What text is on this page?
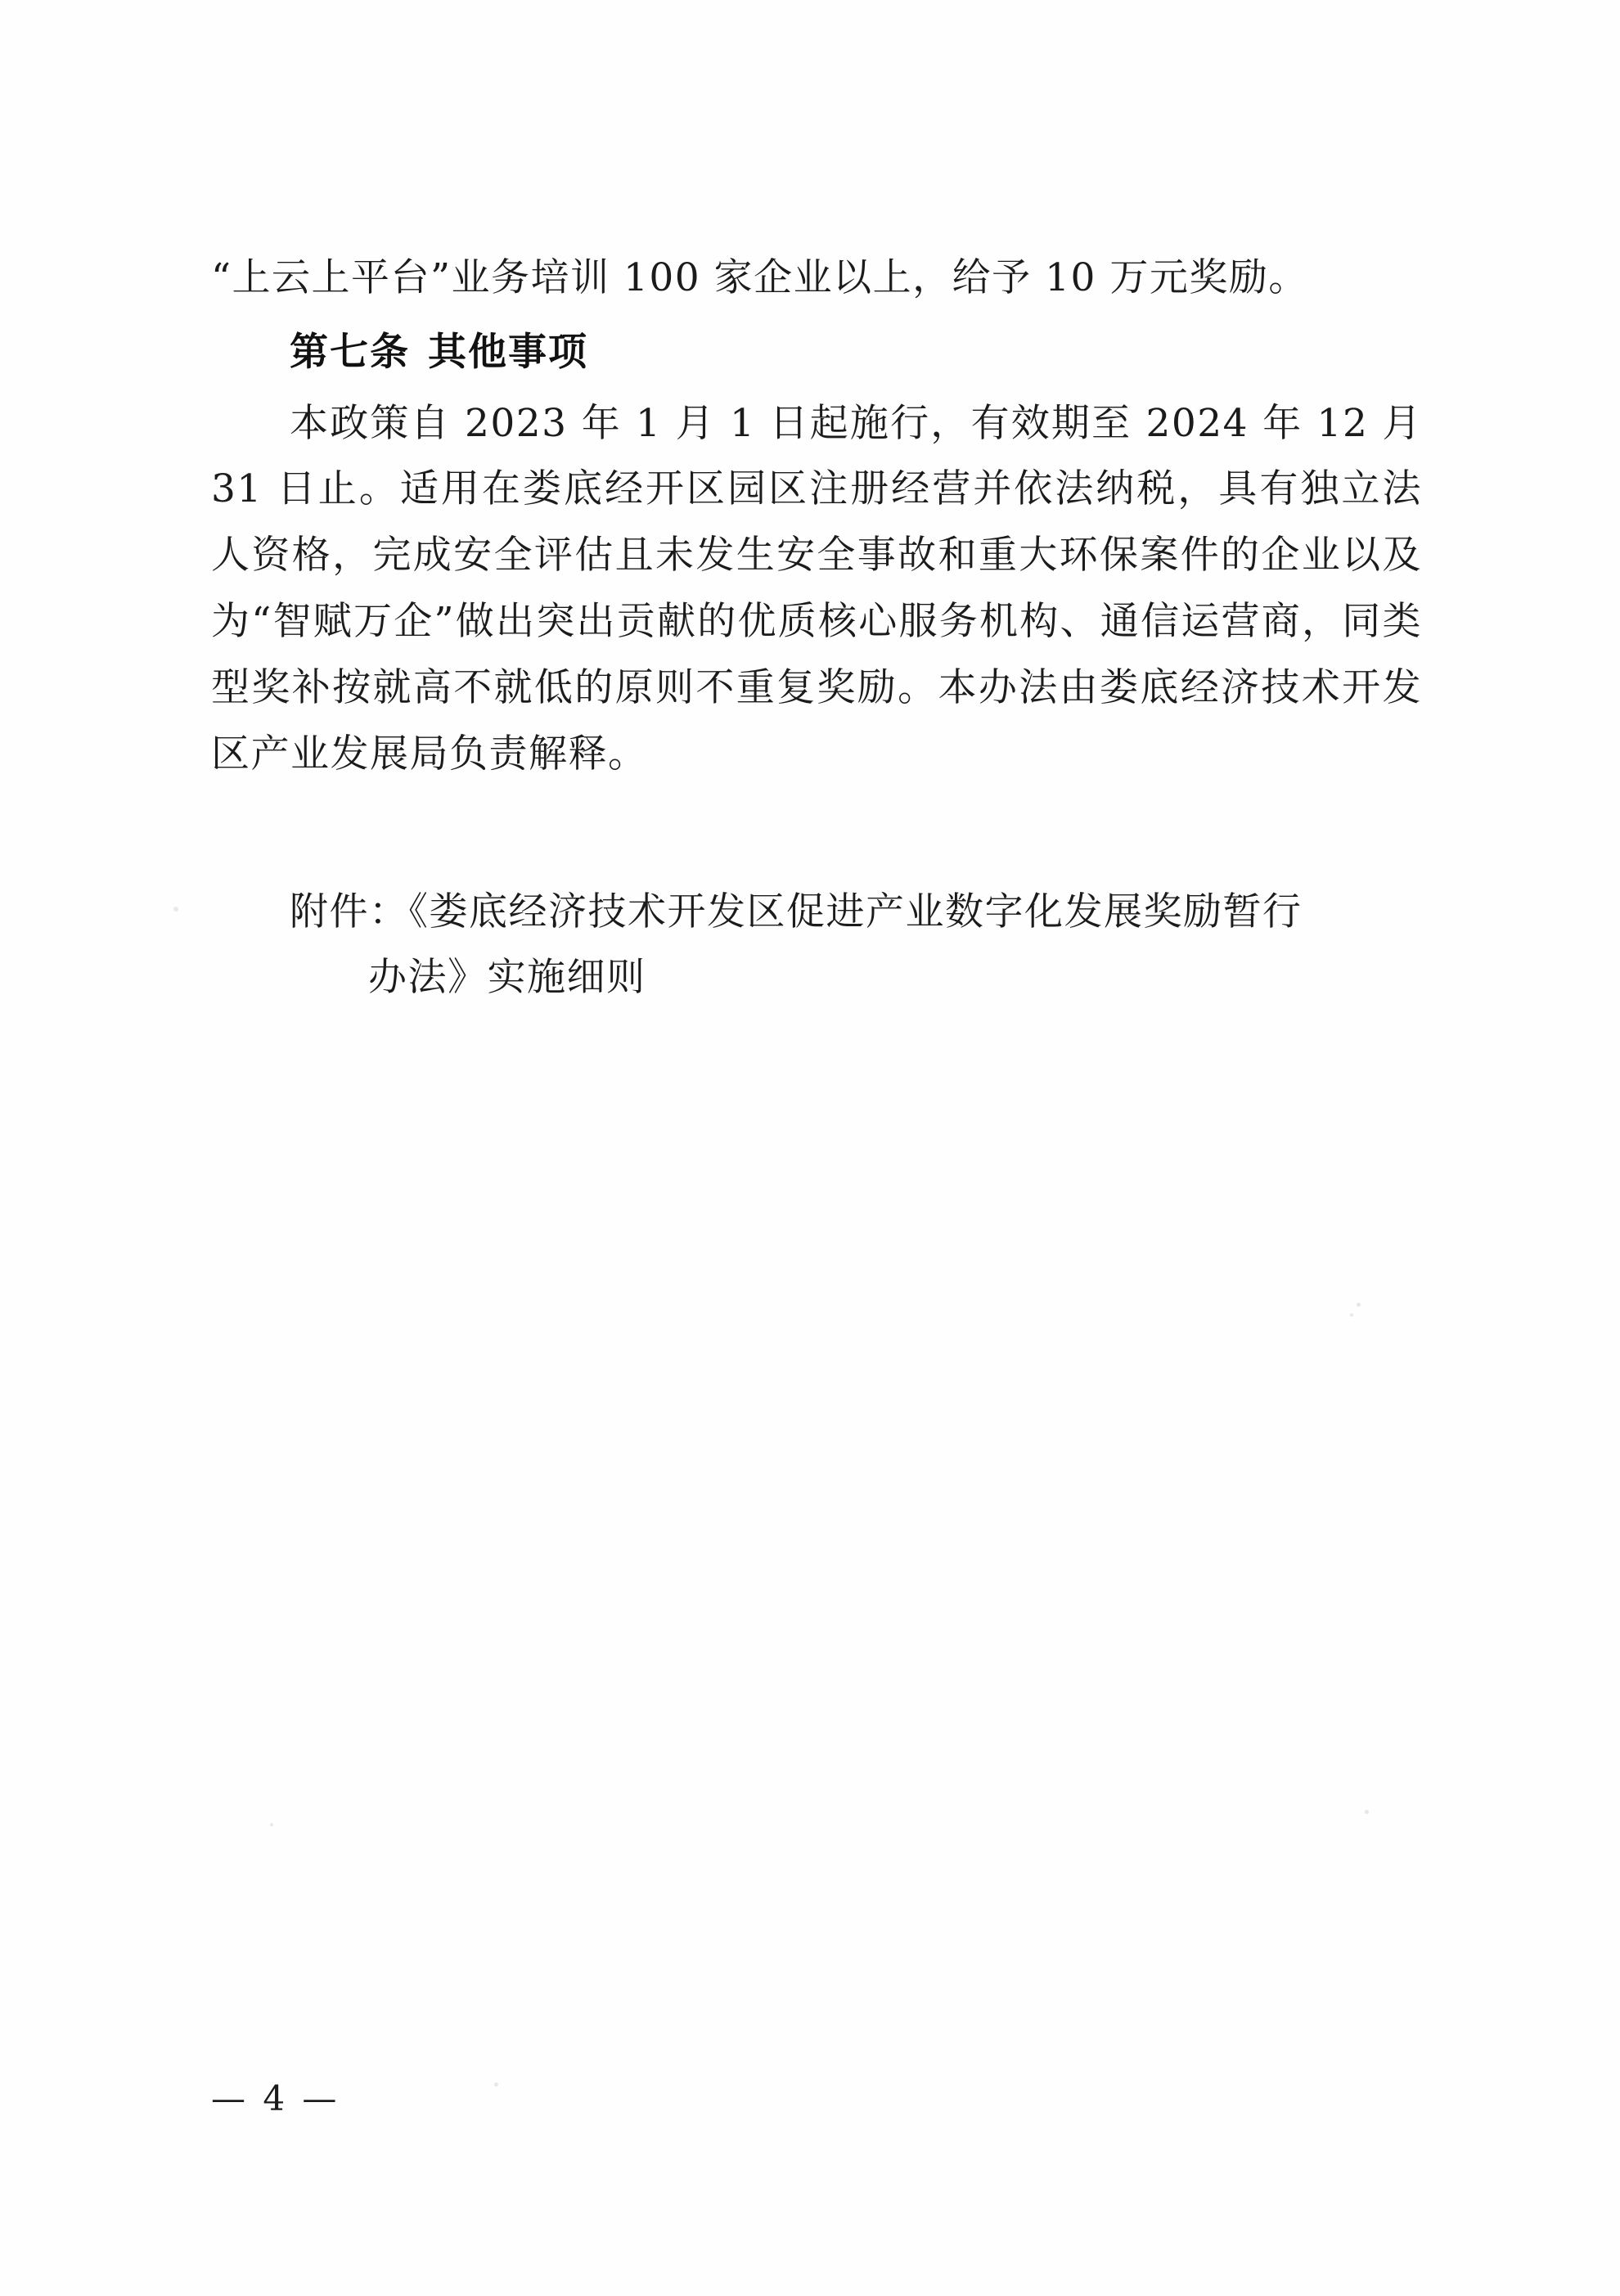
“上云上平台”业务培训 100 家企业以上，给予 10 万元奖励。

第七条 其他事项

本政策自 2023 年 1 月 1 日起施行，有效期至 2024 年 12 月 31 日止。适用在娄底经开区园区注册经营并依法纳税，具有独立法人资格，完成安全评估且未发生安全事故和重大环保案件的企业以及为“智赋万企”做出突出贡献的优质核心服务机构、通信运营商，同类型奖补按就高不就低的原则不重复奖励。本办法由娄底经济技术开发区产业发展局负责解释。

附件：《娄底经济技术开发区促进产业数字化发展奖励暂行
办法》实施细则
— 4 —
